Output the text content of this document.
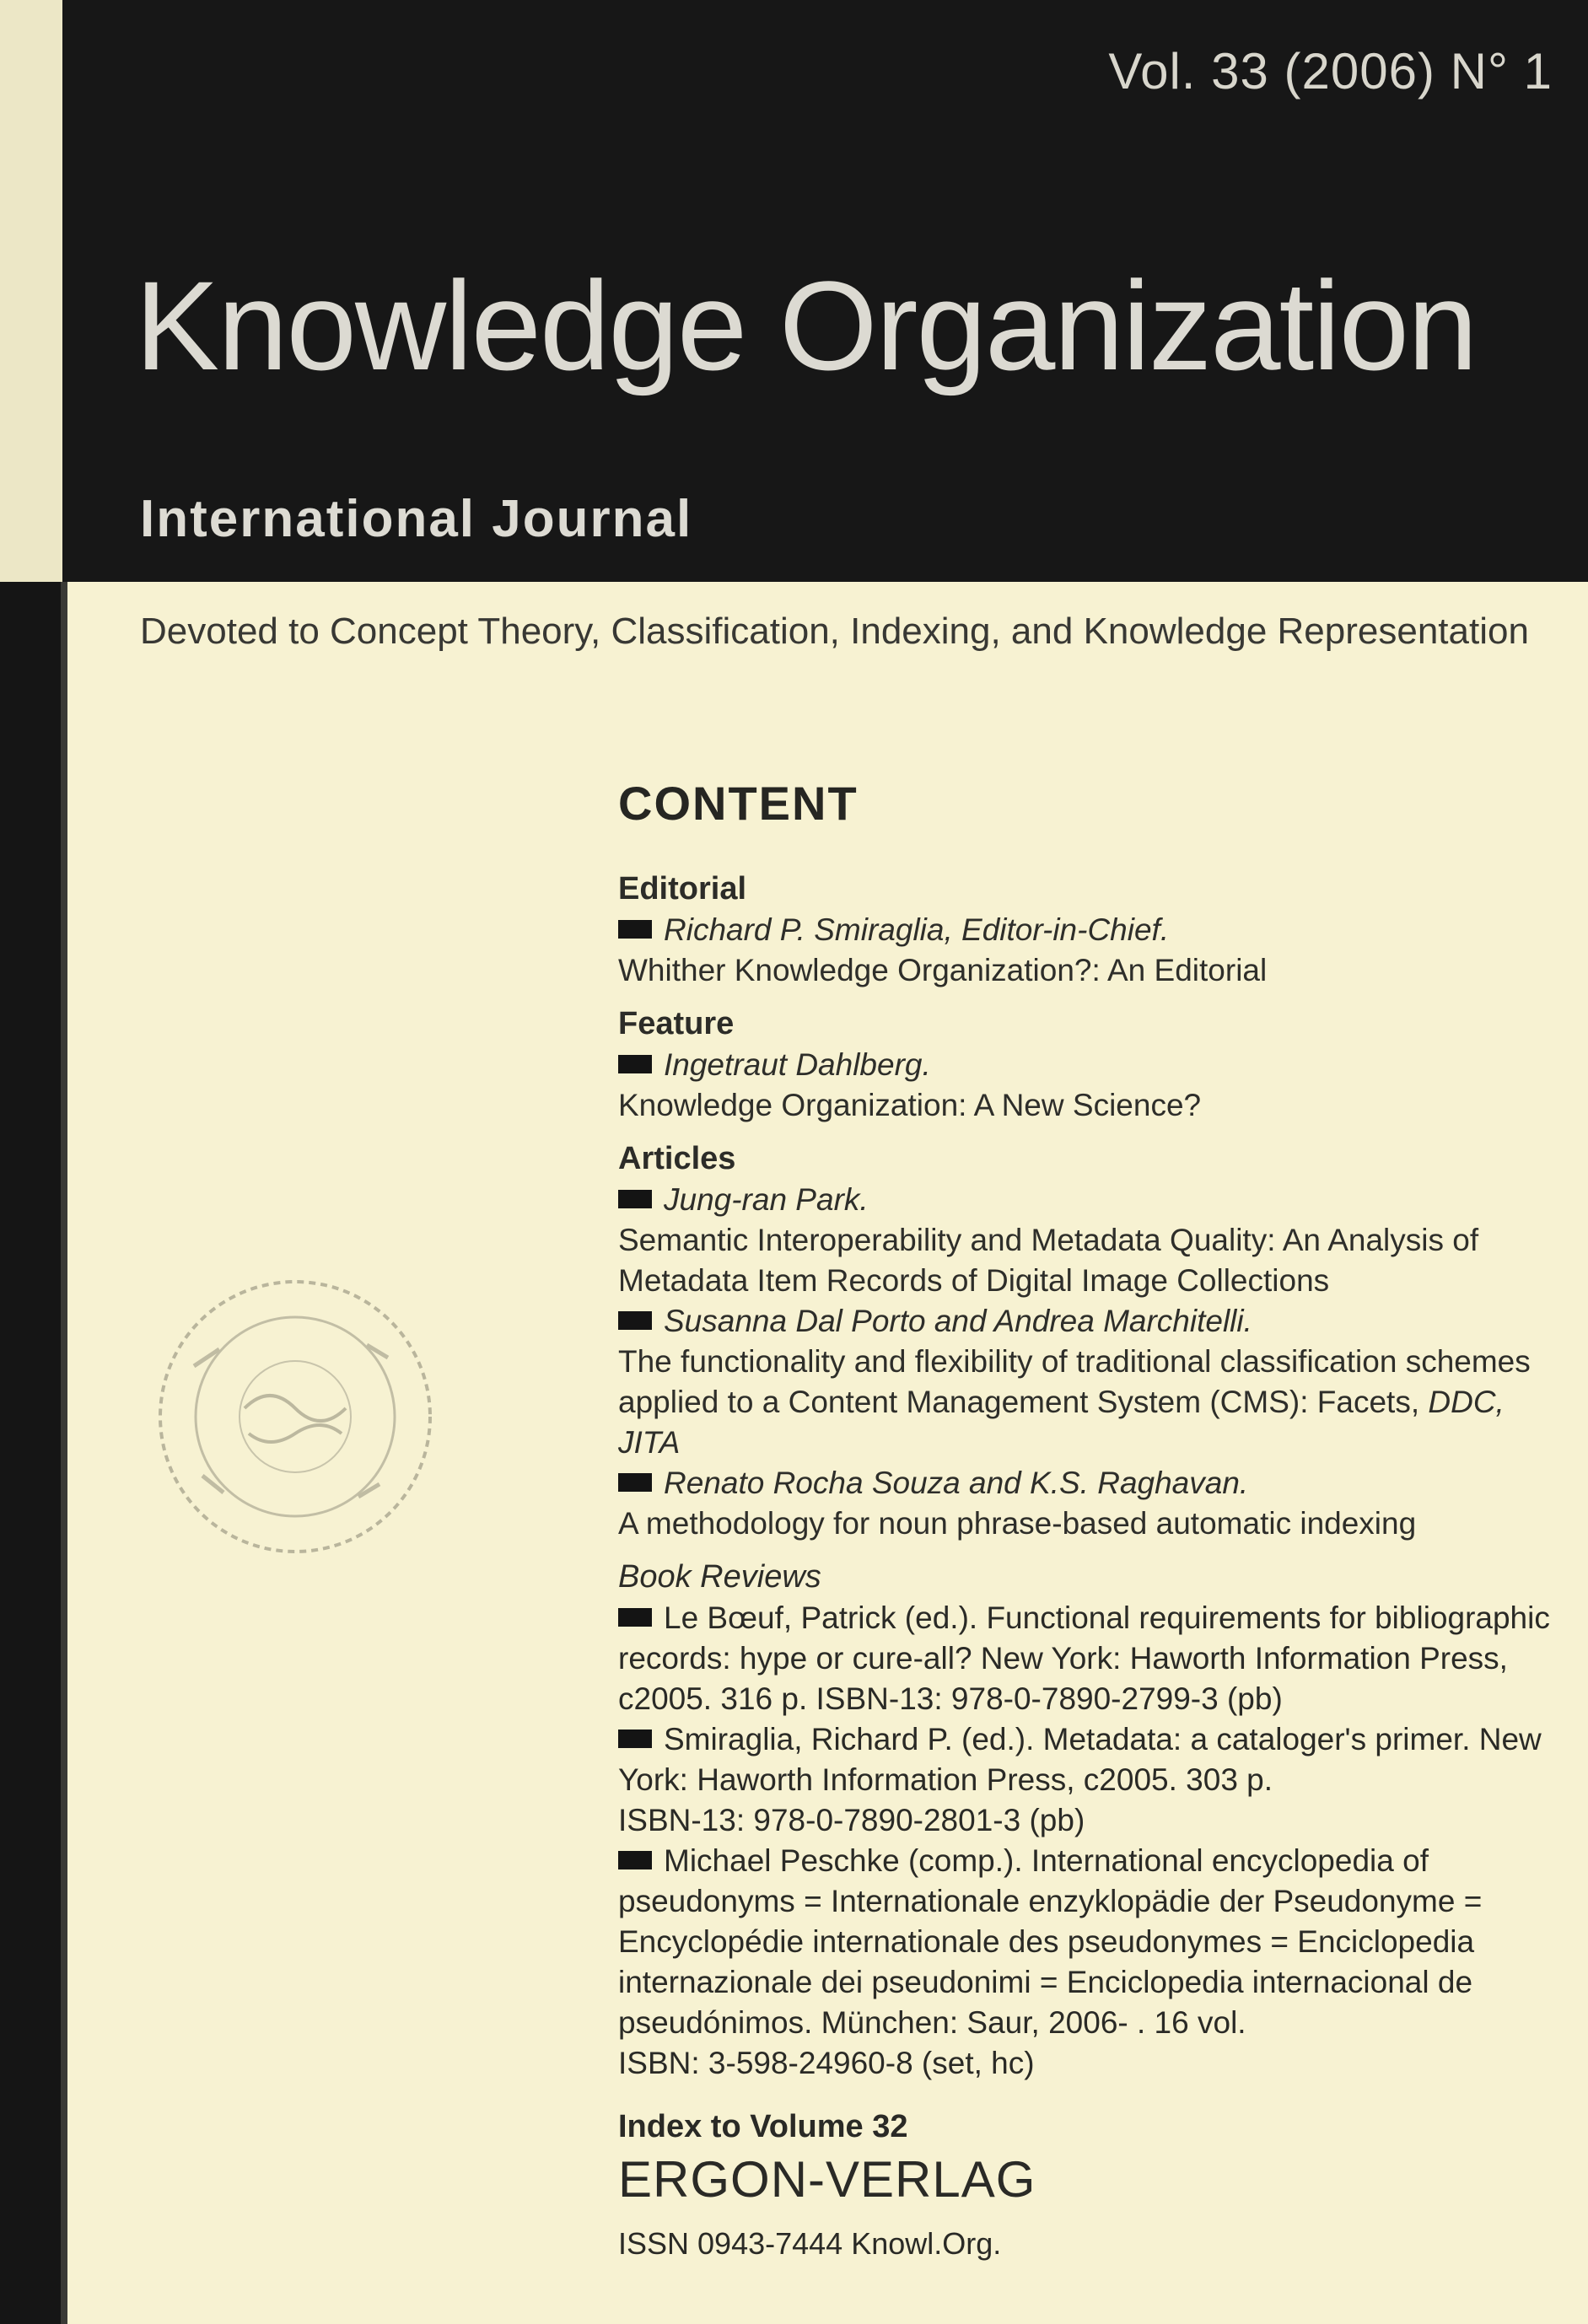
Vol. 33 (2006) N° 1
Knowledge Organization
International Journal
Devoted to Concept Theory, Classification, Indexing, and Knowledge Representation
CONTENT
Editorial
Richard P. Smiraglia, Editor-in-Chief.
Whither Knowledge Organization?: An Editorial
Feature
Ingetraut Dahlberg.
Knowledge Organization: A New Science?
Articles
Jung-ran Park.
Semantic Interoperability and Metadata Quality: An Analysis of
Metadata Item Records of Digital Image Collections
Susanna Dal Porto and Andrea Marchitelli.
The functionality and flexibility of traditional classification schemes
applied to a Content Management System (CMS): Facets, DDC, JITA
Renato Rocha Souza and K.S. Raghavan.
A methodology for noun phrase-based automatic indexing
Book Reviews
Le Bœuf, Patrick (ed.). Functional requirements for bibliographic
records: hype or cure-all? New York: Haworth Information Press,
c2005. 316 p. ISBN-13: 978-0-7890-2799-3 (pb)
Smiraglia, Richard P. (ed.). Metadata: a cataloger's primer. New
York: Haworth Information Press, c2005. 303 p.
ISBN-13: 978-0-7890-2801-3 (pb)
Michael Peschke (comp.). International encyclopedia of
pseudonyms = Internationale enzyklopädie der Pseudonyme =
Encyclopédie internationale des pseudonymes = Enciclopedia
internazionale dei pseudonimi = Enciclopedia internacional de
pseudónimos. München: Saur, 2006- . 16 vol.
ISBN: 3-598-24960-8 (set, hc)
Index to Volume 32
ERGON-VERLAG
ISSN 0943-7444 Knowl.Org.
